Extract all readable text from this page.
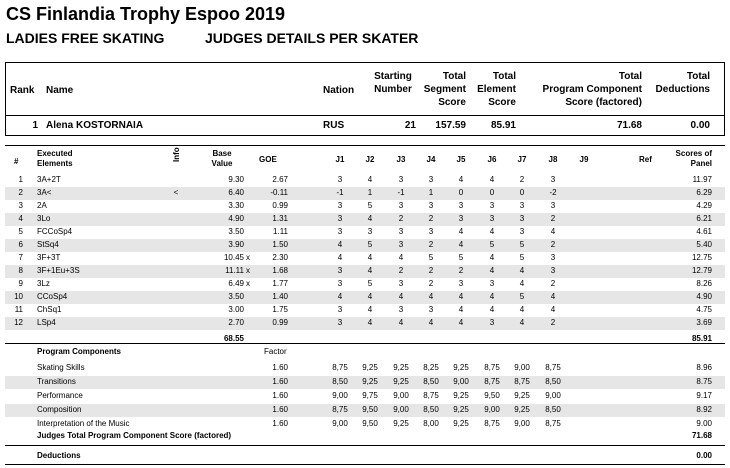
CS Finlandia Trophy Espoo 2019
LADIES FREE SKATING	JUDGES DETAILS PER SKATER
Rank Name	Nation
Starting
Number
Total
Segment
Score
Total
Element
Score
Total
Program Component
Score (factored)
Total
Deductions
1 Alena KOSTORNAIA	RUS	21	157.59	85.91	71.68	0.00
#
Executed
Elements
Info	Base
Value	GOE	J1	J2	J3	J4	J5	J6	J7	J8	J9	Ref
Scores of
Panel
1 3A+2T	9.30	2.67	3	4	3	3	4	4	2	3	11.97
2 3A<	<	6.40	-0.11	-1	1	-1	1	0	0	0	-2	6.29
3 2A	3.30	0.99	3	5	3	3	3	3	3	3	4.29
4 3Lo	4.90	1.31	3	4	2	2	3	3	3	2	6.21
5 FCCoSp4	3.50	1.11	3	3	3	3	4	4	3	4	4.61
6 StSq4	3.90	1.50	4	5	3	2	4	5	5	2	5.40
7 3F+3T	10.45 x	2.30	4	4	4	5	5	4	5	3	12.75
8 3F+1Eu+3S	11.11 x	1.68	3	4	2	2	2	4	4	3	12.79
9 3Lz	6.49 x	1.77	3	5	3	2	3	3	4	2	8.26
10 CCoSp4	3.50	1.40	4	4	4	4	4	4	5	4	4.90
11 ChSq1	3.00	1.75	3	4	3	3	4	4	4	4	4.75
12 LSp4	2.70	0.99	3	4	4	4	4	3	4	2	3.69
68.55	85.91
Program Components	Factor
Skating Skills	1.60	8,75	9,25	9,25	8,25	9,25	8,75	9,00	8,75	8.96
Transitions	1.60	8,50	9,25	9,25	8,50	9,00	8,75	8,75	8,50	8.75
Performance	1.60	9,00	9,75	9,00	8,75	9,25	9,50	9,25	9,00	9.17
Composition	1.60	8,75	9,50	9,00	8,50	9,25	9,00	9,25	8,50	8.92
Interpretation of the Music	1.60	9,00	9,50	9,25	8,00	9,25	8,75	9,00	8,75	9.00
Judges Total Program Component Score (factored)	71.68
Deductions	0.00
